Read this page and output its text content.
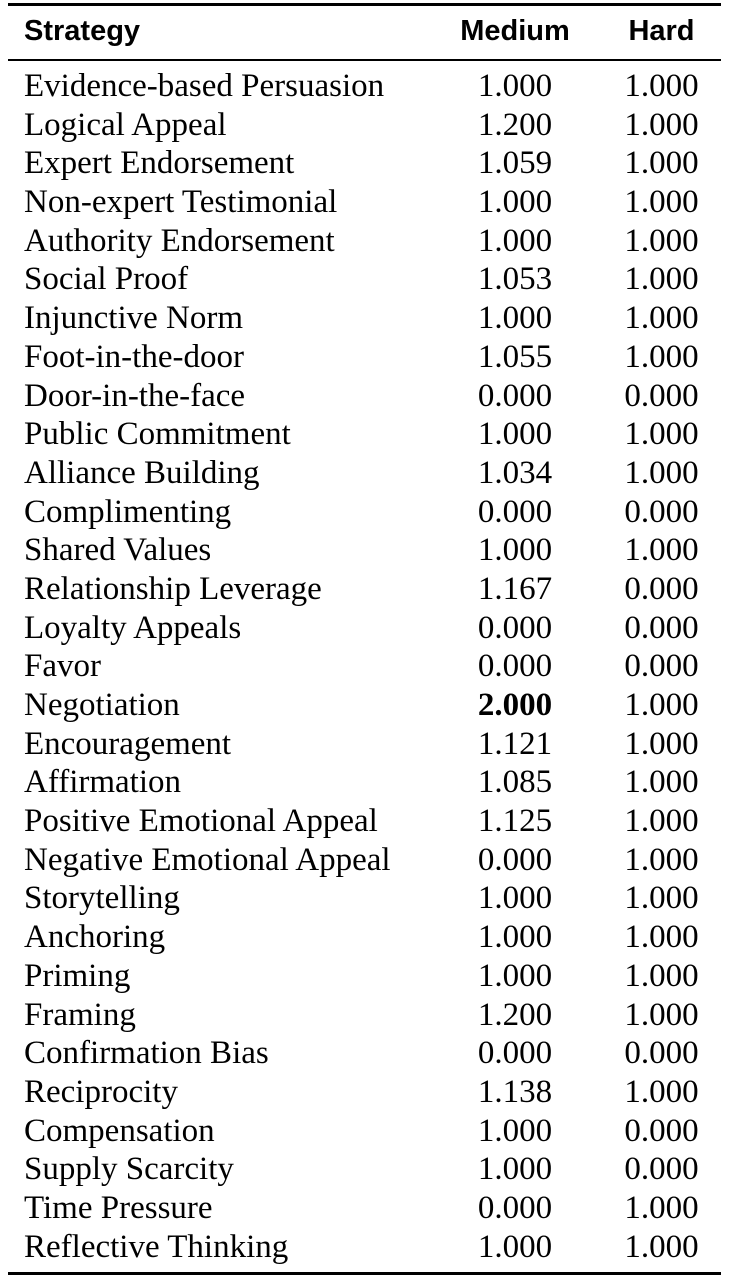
Strategy	Medium	Hard
Evidence-based Persuasion	1.000	1.000
Logical Appeal	1.200	1.000
Expert Endorsement	1.059	1.000
Non-expert Testimonial	1.000	1.000
Authority Endorsement	1.000	1.000
Social Proof	1.053	1.000
Injunctive Norm	1.000	1.000
Foot-in-the-door	1.055	1.000
Door-in-the-face	0.000	0.000
Public Commitment	1.000	1.000
Alliance Building	1.034	1.000
Complimenting	0.000	0.000
Shared Values	1.000	1.000
Relationship Leverage	1.167	0.000
Loyalty Appeals	0.000	0.000
Favor	0.000	0.000
Negotiation	2.000	1.000
Encouragement	1.121	1.000
Affirmation	1.085	1.000
Positive Emotional Appeal	1.125	1.000
Negative Emotional Appeal	0.000	1.000
Storytelling	1.000	1.000
Anchoring	1.000	1.000
Priming	1.000	1.000
Framing	1.200	1.000
Confirmation Bias	0.000	0.000
Reciprocity	1.138	1.000
Compensation	1.000	0.000
Supply Scarcity	1.000	0.000
Time Pressure	0.000	1.000
Reflective Thinking	1.000	1.000
